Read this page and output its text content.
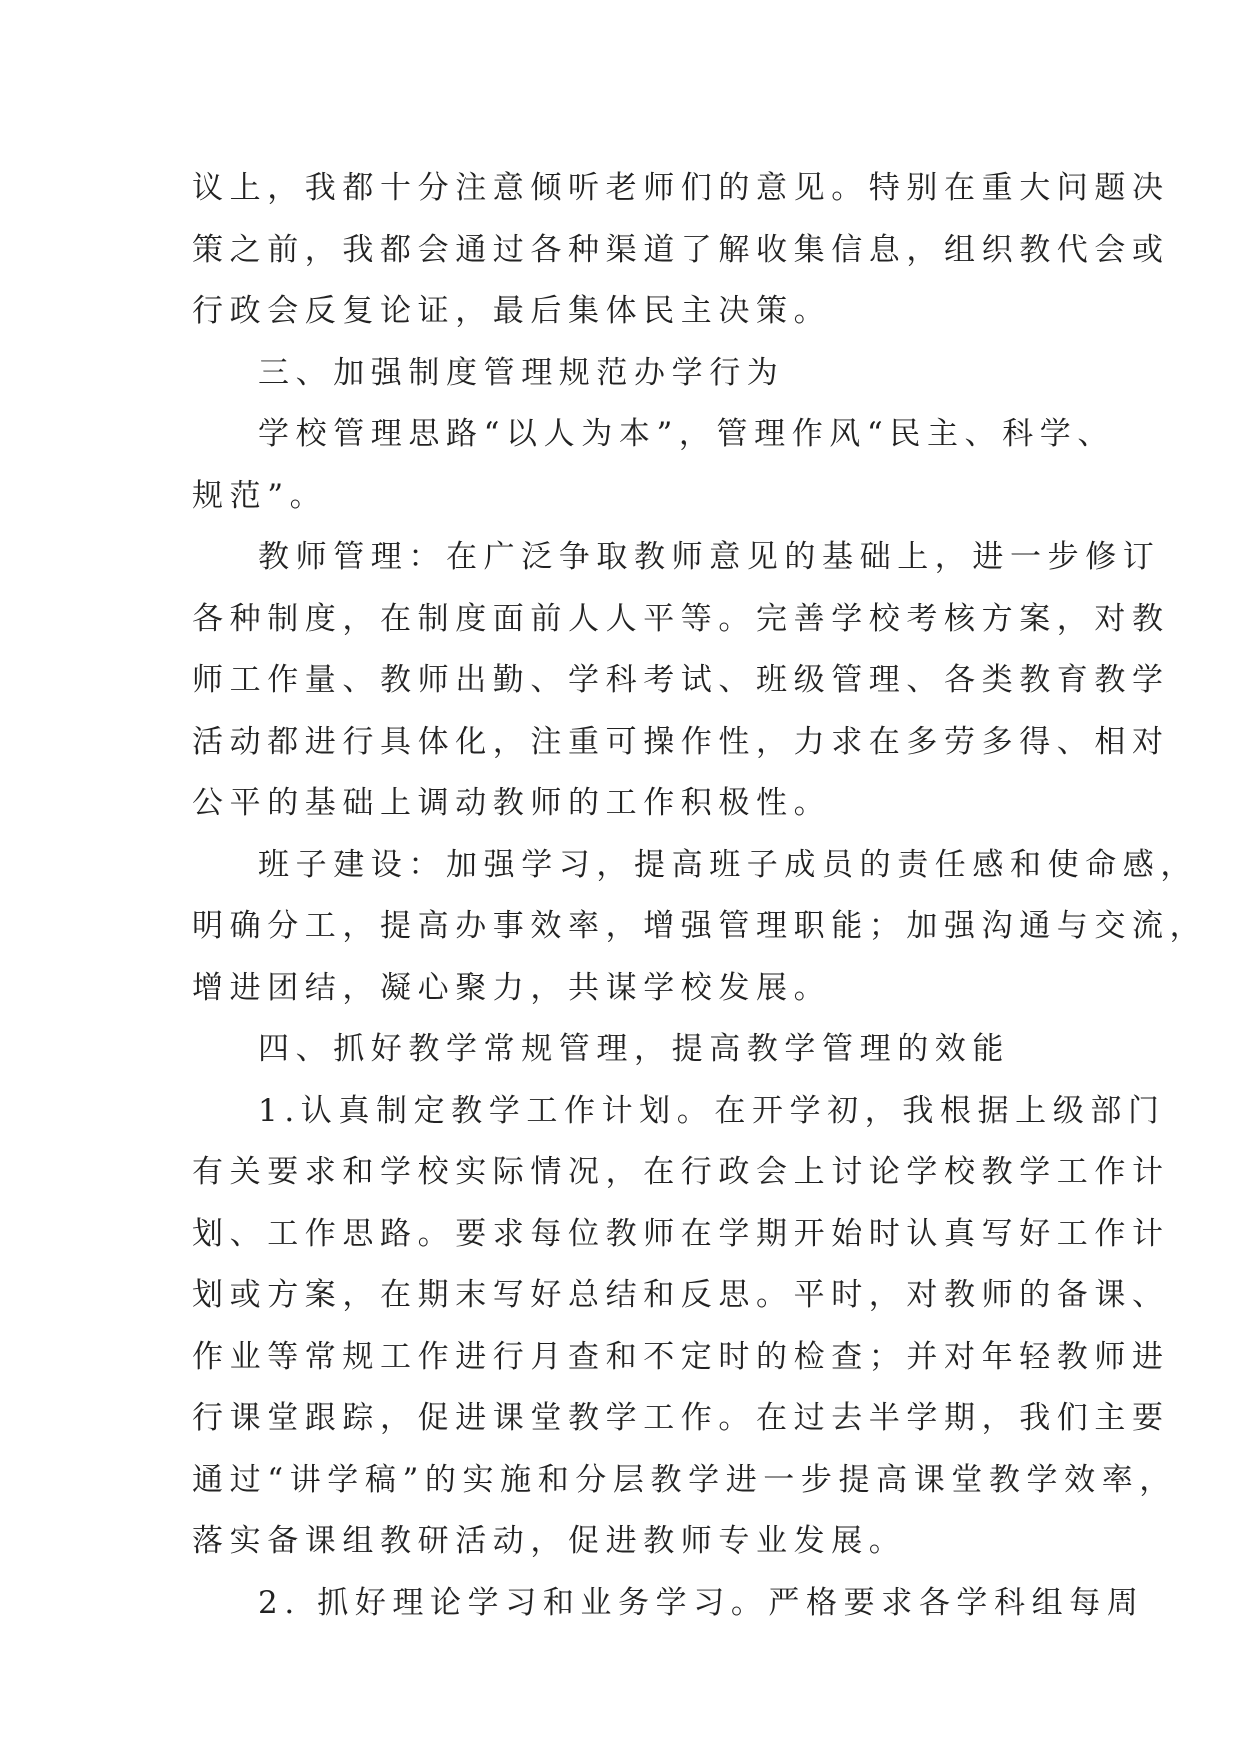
议上，我都十分注意倾听老师们的意见。特别在重大问题决
策之前，我都会通过各种渠道了解收集信息，组织教代会或
行政会反复论证，最后集体民主决策。
三、加强制度管理规范办学行为
学校管理思路“以人为本”，管理作风“民主、科学、
规范”。
教师管理：在广泛争取教师意见的基础上，进一步修订
各种制度，在制度面前人人平等。完善学校考核方案，对教
师工作量、教师出勤、学科考试、班级管理、各类教育教学
活动都进行具体化，注重可操作性，力求在多劳多得、相对
公平的基础上调动教师的工作积极性。
班子建设：加强学习，提高班子成员的责任感和使命感，
明确分工，提高办事效率，增强管理职能；加强沟通与交流，
增进团结，凝心聚力，共谋学校发展。
四、抓好教学常规管理，提高教学管理的效能
1.认真制定教学工作计划。在开学初，我根据上级部门
有关要求和学校实际情况，在行政会上讨论学校教学工作计
划、工作思路。要求每位教师在学期开始时认真写好工作计
划或方案，在期末写好总结和反思。平时，对教师的备课、
作业等常规工作进行月查和不定时的检查；并对年轻教师进
行课堂跟踪，促进课堂教学工作。在过去半学期，我们主要
通过“讲学稿”的实施和分层教学进一步提高课堂教学效率，
落实备课组教研活动，促进教师专业发展。
2. 抓好理论学习和业务学习。严格要求各学科组每周
